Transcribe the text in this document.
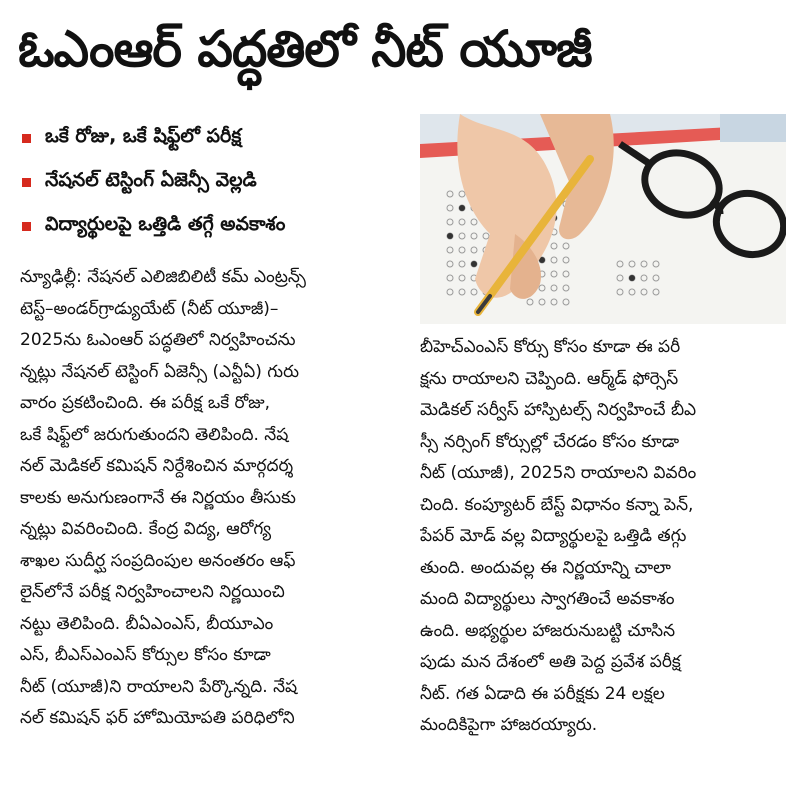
ఓఎంఆర్ పద్ధతిలో నీట్ యూజీ
ఒకే రోజు, ఒకే షిఫ్ట్‌లో పరీక్ష
నేషనల్ టెస్టింగ్ ఏజెన్సీ వెల్లడి
విద్యార్థులపై ఒత్తిడి తగ్గే అవకాశం
న్యూఢిల్లీ: నేషనల్ ఎలిజిబిలిటీ కమ్ ఎంట్రన్స్
టెస్ట్–అండర్‌గ్రాడ్యుయేట్ (నీట్ యూజీ)–
2025ను ఓఎంఆర్ పద్ధతిలో నిర్వహించను
న్నట్లు నేషనల్ టెస్టింగ్ ఏజెన్సీ (ఎన్టీఏ) గురు
వారం ప్రకటించింది. ఈ పరీక్ష ఒకే రోజు,
ఒకే షిఫ్ట్‌లో జరుగుతుందని తెలిపింది. నేష
నల్ మెడికల్ కమిషన్ నిర్దేశించిన మార్గదర్శ
కాలకు అనుగుణంగానే ఈ నిర్ణయం తీసుకు
న్నట్లు వివరించింది. కేంద్ర విద్య, ఆరోగ్య
శాఖల సుదీర్ఘ సంప్రదింపుల అనంతరం ఆఫ్
లైన్‌లోనే పరీక్ష నిర్వహించాలని నిర్ణయించి
నట్టు తెలిపింది. బీఏఎంఎస్, బీయూఎం
ఎస్, బీఎస్ఎంఎస్ కోర్సుల కోసం కూడా
నీట్ (యూజీ)ని రాయాలని పేర్కొన్నది. నేష
నల్ కమిషన్ ఫర్ హోమియోపతి పరిధిలోని
బీహెచ్ఎంఎస్ కోర్సు కోసం కూడా ఈ పరీ
క్షను రాయాలని చెప్పింది. ఆర్మ్‌డ్ ఫోర్సెస్
మెడికల్ సర్వీస్ హాస్పిటల్స్ నిర్వహించే బీఎ
స్సీ నర్సింగ్ కోర్సుల్లో చేరడం కోసం కూడా
నీట్ (యూజీ), 2025ని రాయాలని వివరిం
చింది. కంప్యూటర్ బేస్ట్ విధానం కన్నా పెన్,
పేపర్ మోడ్ వల్ల విద్యార్థులపై ఒత్తిడి తగ్గు
తుంది. అందువల్ల ఈ నిర్ణయాన్ని చాలా
మంది విద్యార్థులు స్వాగతించే అవకాశం
ఉంది. అభ్యర్థుల హాజరునుబట్టి చూసిన
పుడు మన దేశంలో అతి పెద్ద ప్రవేశ పరీక్ష
నీట్. గత ఏడాది ఈ పరీక్షకు 24 లక్షల
మందికిపైగా హాజరయ్యారు.
